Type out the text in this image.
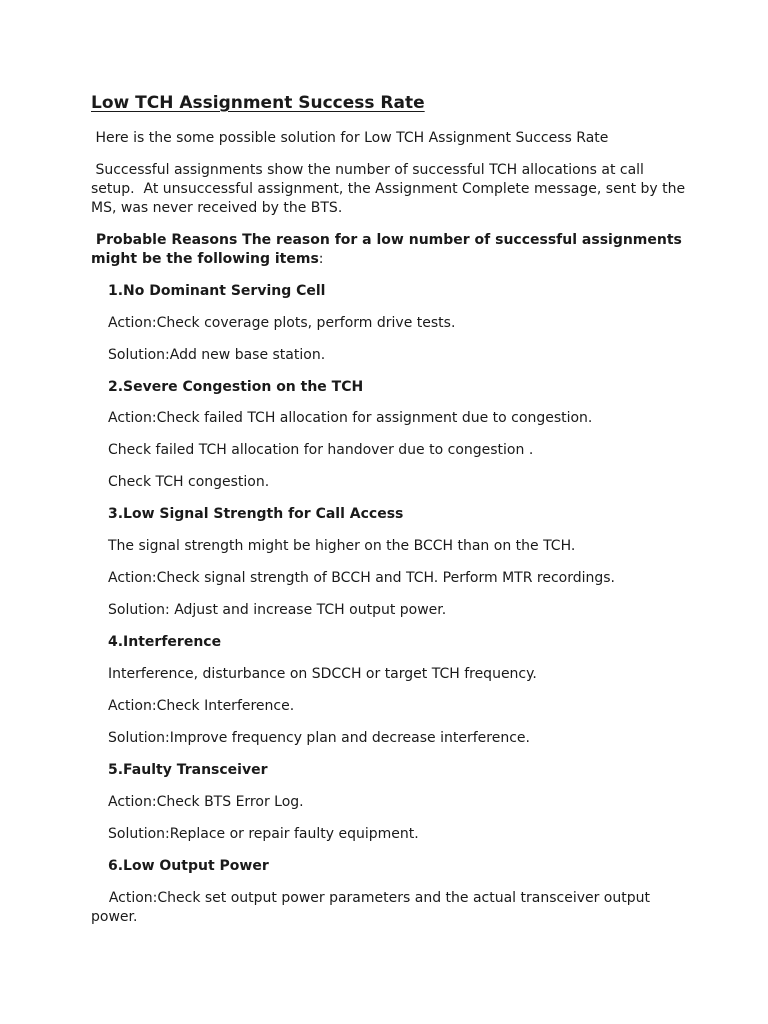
Low TCH Assignment Success Rate

Here is the some possible solution for Low TCH Assignment Success Rate

Successful assignments show the number of successful TCH allocations at call setup.  At unsuccessful assignment, the Assignment Complete message, sent by the MS, was never received by the BTS.

Probable Reasons The reason for a low number of successful assignments might be the following items:

1.No Dominant Serving Cell

Action:Check coverage plots, perform drive tests.

Solution:Add new base station.

2.Severe Congestion on the TCH

Action:Check failed TCH allocation for assignment due to congestion.

Check failed TCH allocation for handover due to congestion .

Check TCH congestion.

3.Low Signal Strength for Call Access

The signal strength might be higher on the BCCH than on the TCH.

Action:Check signal strength of BCCH and TCH. Perform MTR recordings.

Solution: Adjust and increase TCH output power.

4.Interference

Interference, disturbance on SDCCH or target TCH frequency.

Action:Check Interference.

Solution:Improve frequency plan and decrease interference.

5.Faulty Transceiver

Action:Check BTS Error Log.

Solution:Replace or repair faulty equipment.

6.Low Output Power

Action:Check set output power parameters and the actual transceiver output power.
